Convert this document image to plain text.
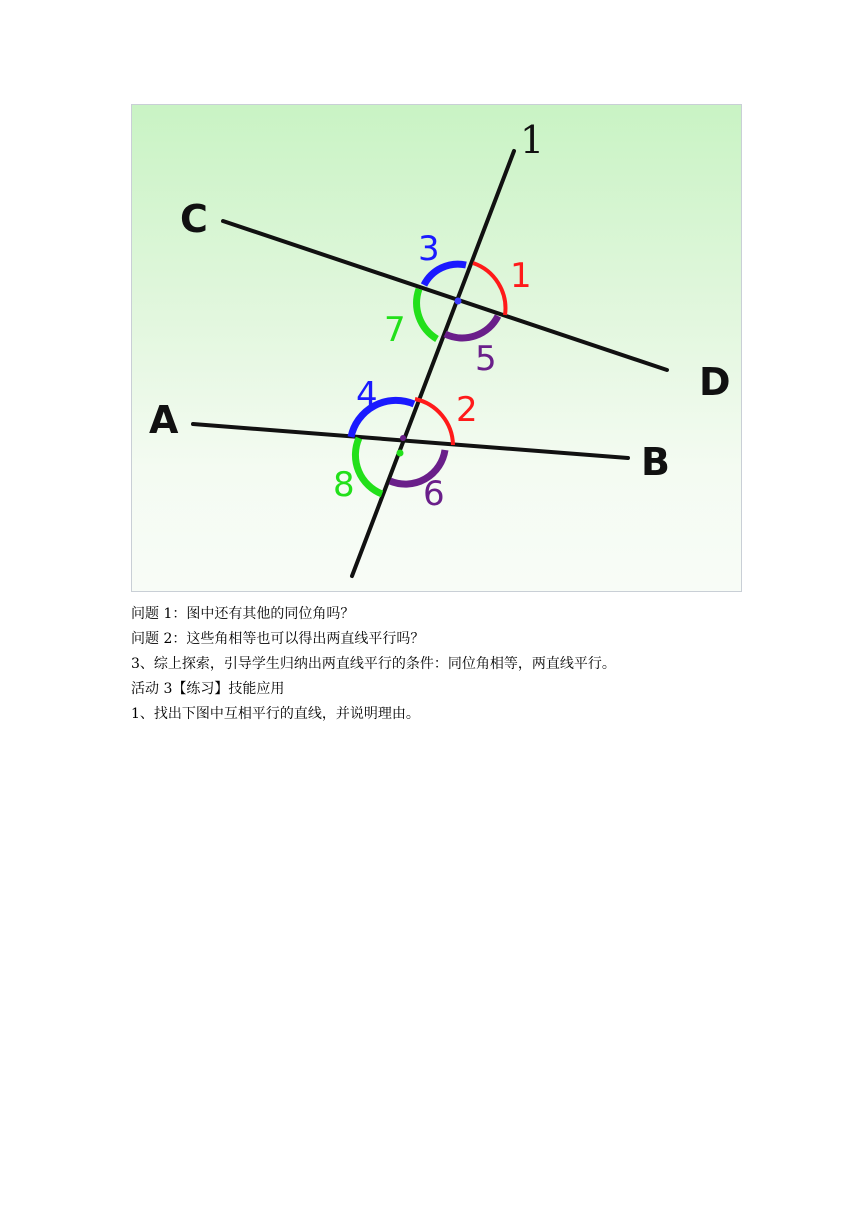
1
C
D
A
B
1
3
7
5
2
4
8 6

问题 1：图中还有其他的同位角吗？

问题 2：这些角相等也可以得出两直线平行吗？

3、综上探索，引导学生归纳出两直线平行的条件：同位角相等，两直线平行。

活动 3【练习】技能应用

1、找出下图中互相平行的直线，并说明理由。
